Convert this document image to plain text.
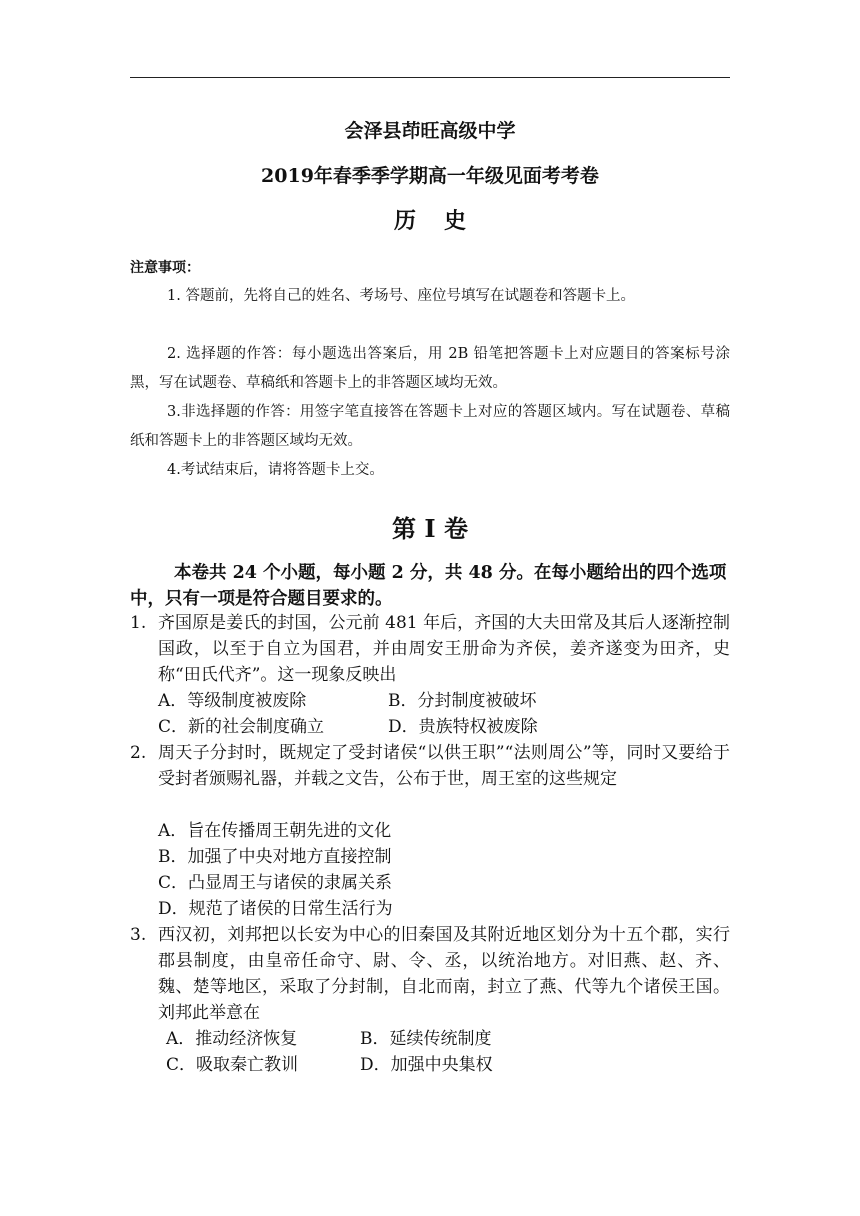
会泽县茚旺高级中学
2019年春季季学期高一年级见面考考卷
历史
注意事项：
1. 答题前，先将自己的姓名、考场号、座位号填写在试题卷和答题卡上。
2. 选择题的作答：每小题选出答案后，用 2B 铅笔把答题卡上对应题目的答案标号涂黑，写在试题卷、草稿纸和答题卡上的非答题区域均无效。
3.非选择题的作答：用签字笔直接答在答题卡上对应的答题区域内。写在试题卷、草稿纸和答题卡上的非答题区域均无效。
4.考试结束后，请将答题卡上交。
第 I 卷
本卷共 24 个小题，每小题 2 分，共 48 分。在每小题给出的四个选项中，只有一项是符合题目要求的。
1. 齐国原是姜氏的封国，公元前 481 年后，齐国的大夫田常及其后人逐渐控制国政，以至于自立为国君，并由周安王册命为齐侯，姜齐遂变为田齐，史称“田氏代齐”。这一现象反映出
A．等级制度被废除	B．分封制度被破坏
C．新的社会制度确立	D．贵族特权被废除
2. 周天子分封时，既规定了受封诸侯“以供王职”“法则周公”等，同时又要给于受封者颁赐礼器，并载之文告，公布于世，周王室的这些规定
A．旨在传播周王朝先进的文化
B．加强了中央对地方直接控制
C．凸显周王与诸侯的隶属关系
D．规范了诸侯的日常生活行为
3. 西汉初，刘邦把以长安为中心的旧秦国及其附近地区划分为十五个郡，实行郡县制度，由皇帝任命守、尉、令、丞，以统治地方。对旧燕、赵、齐、魏、楚等地区，采取了分封制，自北而南，封立了燕、代等九个诸侯王国。刘邦此举意在
A．推动经济恢复	B．延续传统制度
C．吸取秦亡教训	D．加强中央集权
